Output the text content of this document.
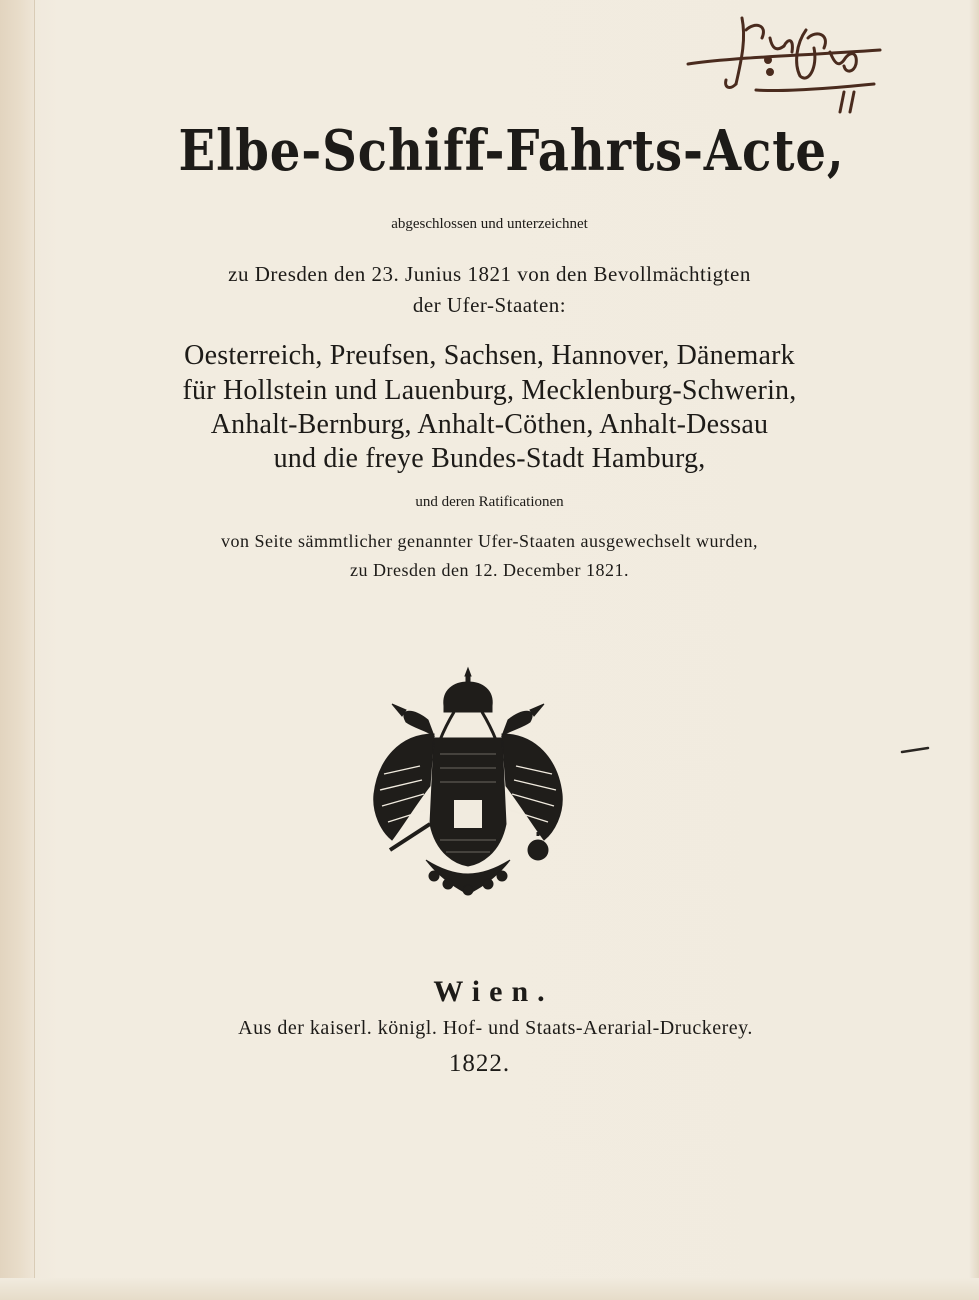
Elbe-Schiff-Fahrts-Acte,
abgeschlossen und unterzeichnet
zu Dresden den 23. Junius 1821 von den Bevollmächtigten
der Ufer-Staaten:
Oesterreich, Preufsen, Sachsen, Hannover, Dänemark
für Hollstein und Lauenburg, Mecklenburg-Schwerin,
Anhalt-Bernburg, Anhalt-Cöthen, Anhalt-Dessau
und die freye Bundes-Stadt Hamburg,
und deren Ratificationen
von Seite sämmtlicher genannter Ufer-Staaten ausgewechselt wurden,
zu Dresden den 12. December 1821.
Wien.
Aus der kaiserl. königl. Hof- und Staats-Aerarial-Druckerey.
1822.
